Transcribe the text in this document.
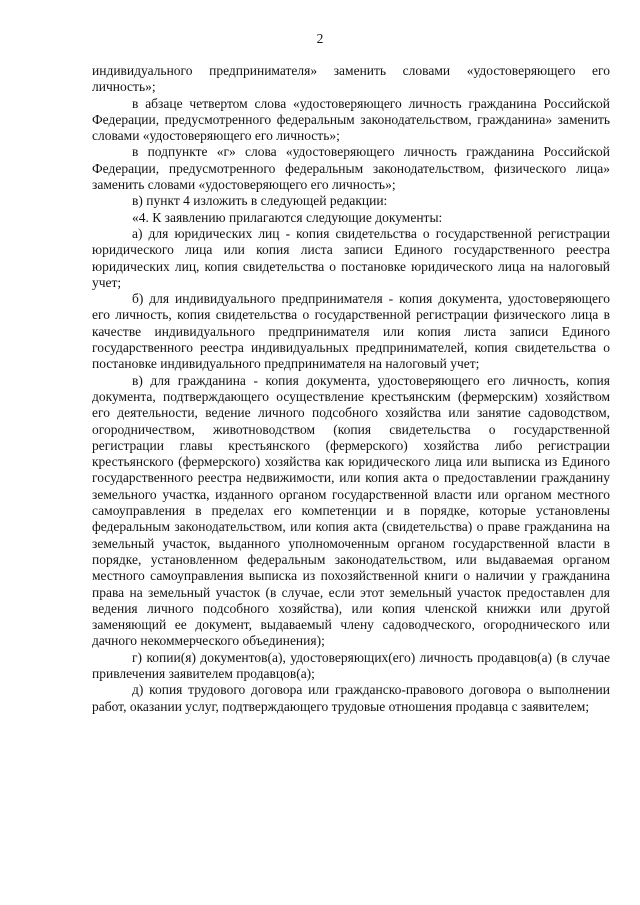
2

индивидуального предпринимателя» заменить словами «удостоверяющего его личность»;

в абзаце четвертом слова «удостоверяющего личность гражданина Российской Федерации, предусмотренного федеральным законодательством, гражданина» заменить словами «удостоверяющего его личность»;

в подпункте «г» слова «удостоверяющего личность гражданина Российской Федерации, предусмотренного федеральным законодательством, физического лица» заменить словами «удостоверяющего его личность»;

в) пункт 4 изложить в следующей редакции:

«4. К заявлению прилагаются следующие документы:

а) для юридических лиц - копия свидетельства о государственной регистрации юридического лица или копия листа записи Единого государственного реестра юридических лиц, копия свидетельства о постановке юридического лица на налоговый учет;

б) для индивидуального предпринимателя - копия документа, удостоверяющего его личность, копия свидетельства о государственной регистрации физического лица в качестве индивидуального предпринимателя или копия листа записи Единого государственного реестра индивидуальных предпринимателей, копия свидетельства о постановке индивидуального предпринимателя на налоговый учет;

в) для гражданина - копия документа, удостоверяющего его личность, копия документа, подтверждающего осуществление крестьянским (фермерским) хозяйством его деятельности, ведение личного подсобного хозяйства или занятие садоводством, огородничеством, животноводством (копия свидетельства о государственной регистрации главы крестьянского (фермерского) хозяйства либо регистрации крестьянского (фермерского) хозяйства как юридического лица или выписка из Единого государственного реестра недвижимости, или копия акта о предоставлении гражданину земельного участка, изданного органом государственной власти или органом местного самоуправления в пределах его компетенции и в порядке, которые установлены федеральным законодательством, или копия акта (свидетельства) о праве гражданина на земельный участок, выданного уполномоченным органом государственной власти в порядке, установленном федеральным законодательством, или выдаваемая органом местного самоуправления выписка из похозяйственной книги о наличии у гражданина права на земельный участок (в случае, если этот земельный участок предоставлен для ведения личного подсобного хозяйства), или копия членской книжки или другой заменяющий ее документ, выдаваемый члену садоводческого, огороднического или дачного некоммерческого объединения);

г) копии(я) документов(а), удостоверяющих(его) личность продавцов(а) (в случае привлечения заявителем продавцов(а);

д) копия трудового договора или гражданско-правового договора о выполнении работ, оказании услуг, подтверждающего трудовые отношения продавца с заявителем;
